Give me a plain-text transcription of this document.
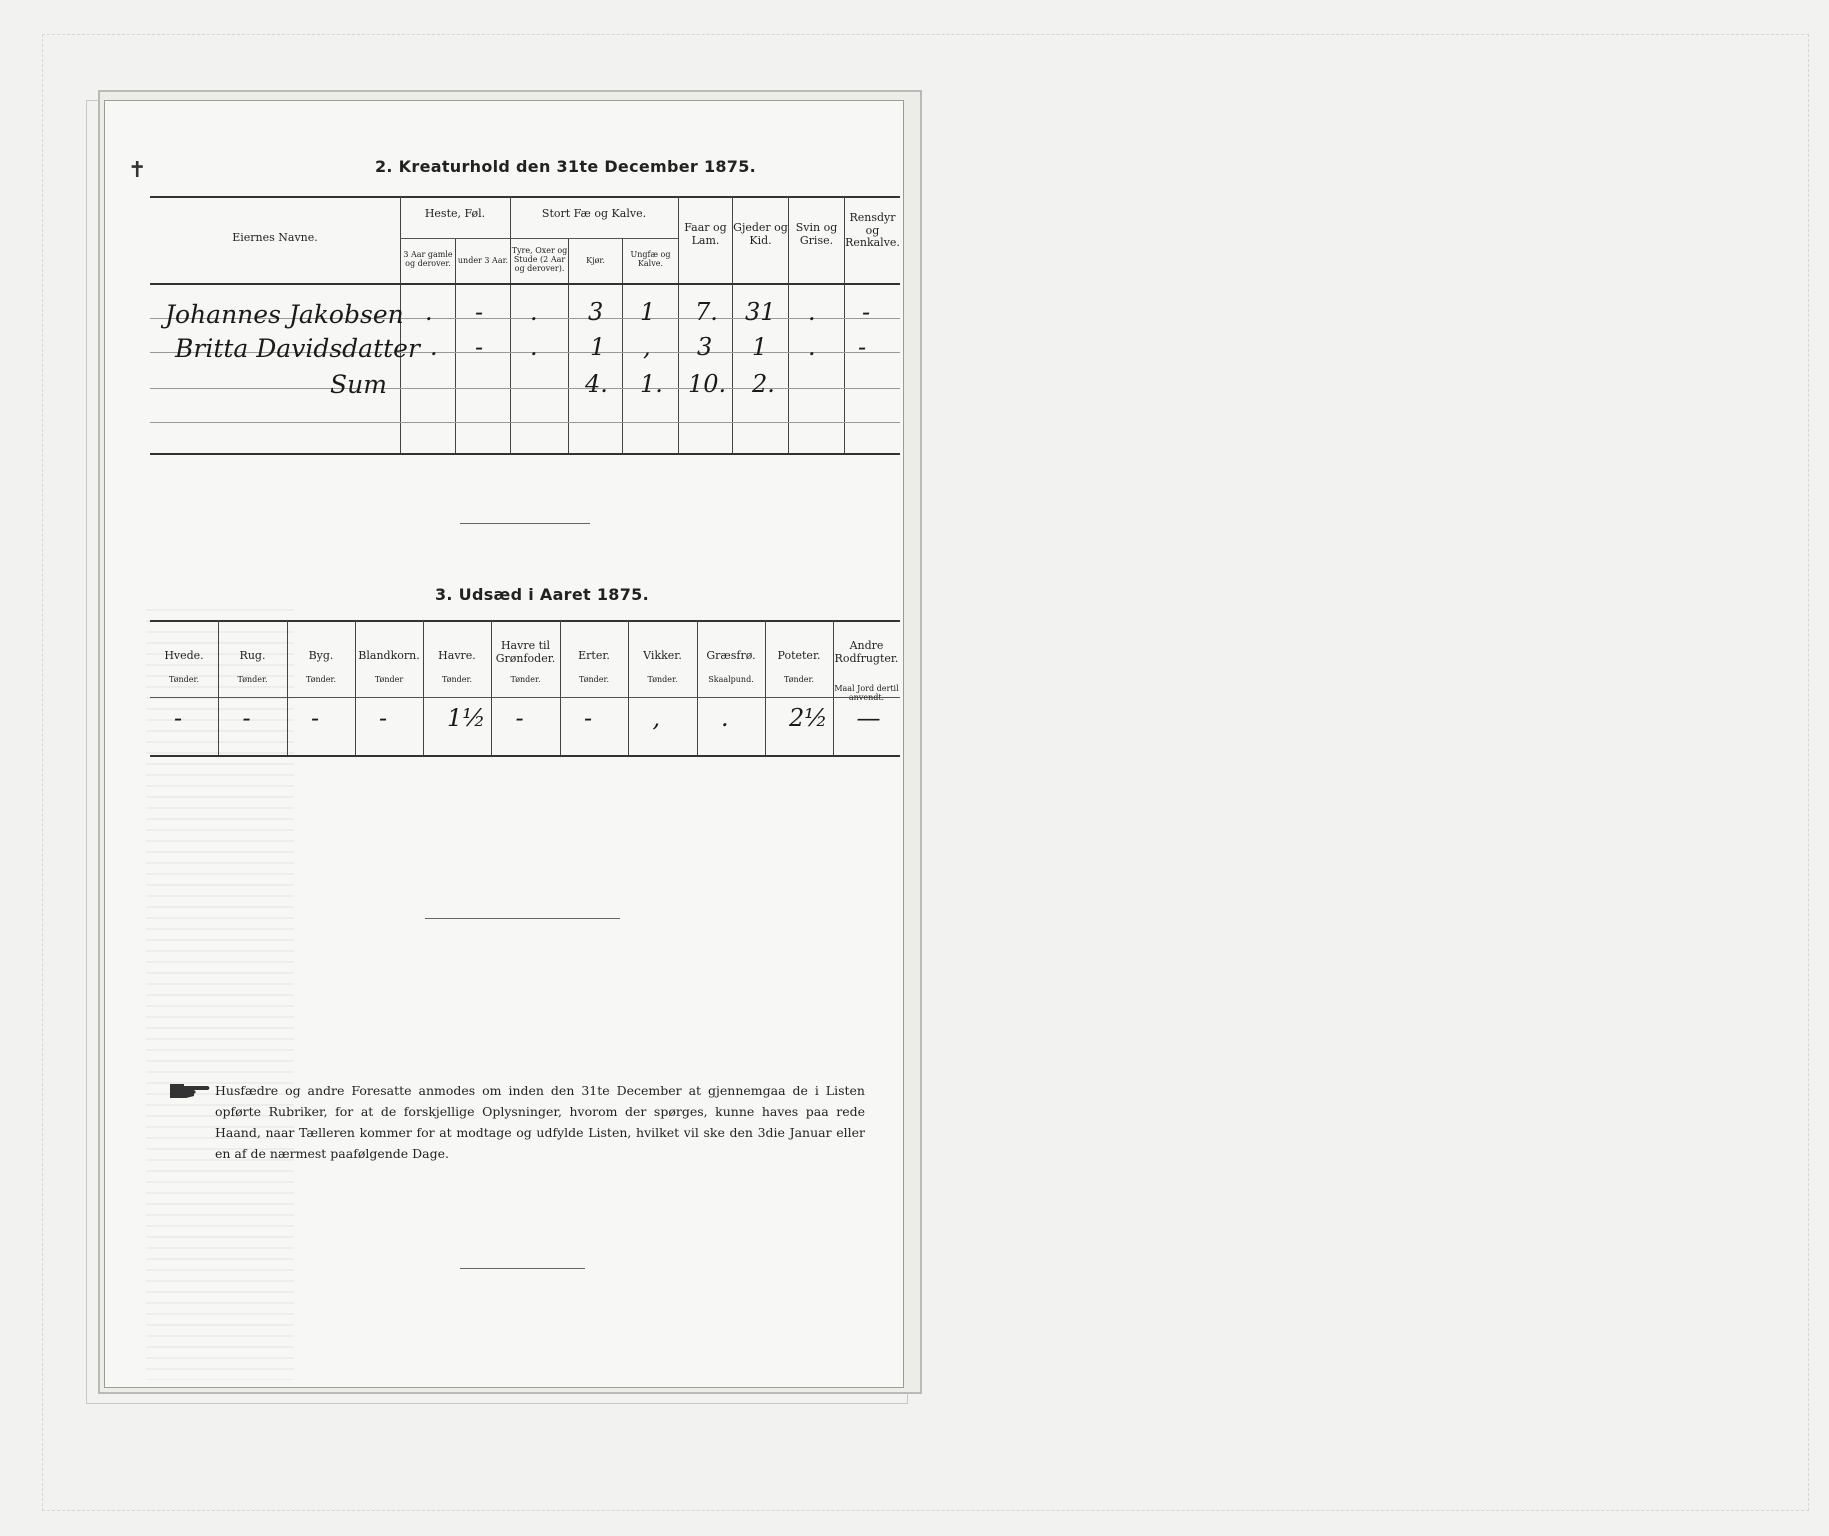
✝	2. Kreaturhold den 31te December 1875.
Eiernes Navne.
Heste, Føl.
3 Aar gamle og derover. under 3 Aar.
Stort Fæ og Kalve.
Tyre, Oxer og Stude (2 Aar og derover).
Kjør.
Ungfæ og Kalve.
Faar og Lam.
Gjeder og Kid.
Svin og Grise.
Rensdyr og Renkalve.
Johannes Jakobsen . - . 3 1 7. 31 . -
Britta Davidsdatter . - . 1 , 3 1 . -
Sum	4. 1. 10. 2.
3. Udsæd i Aaret 1875.
Hvede.
Tønder.
-
Rug.
Tønder.
-
Byg.
Tønder.
-
Blandkorn.
Tønder
-
Havre.
Tønder.
1½
Havre til Grønfoder.
Tønder.
-
Erter.
Tønder.
-
Vikker.
Tønder.
,
Græsfrø.
Skaalpund.
.
Poteter.
Tønder.
2½
Andre Rodfrugter.
Maal Jord dertil anvendt.
—
Husfædre og andre Foresatte anmodes om inden den 31te December at gjennemgaa de i Listen opførte Rubriker, for at de forskjellige Oplysninger, hvorom der spørges, kunne haves paa rede Haand, naar Tælleren kommer for at modtage og udfylde Listen, hvilket vil ske den 3die Januar eller en af de nærmest paafølgende Dage.
